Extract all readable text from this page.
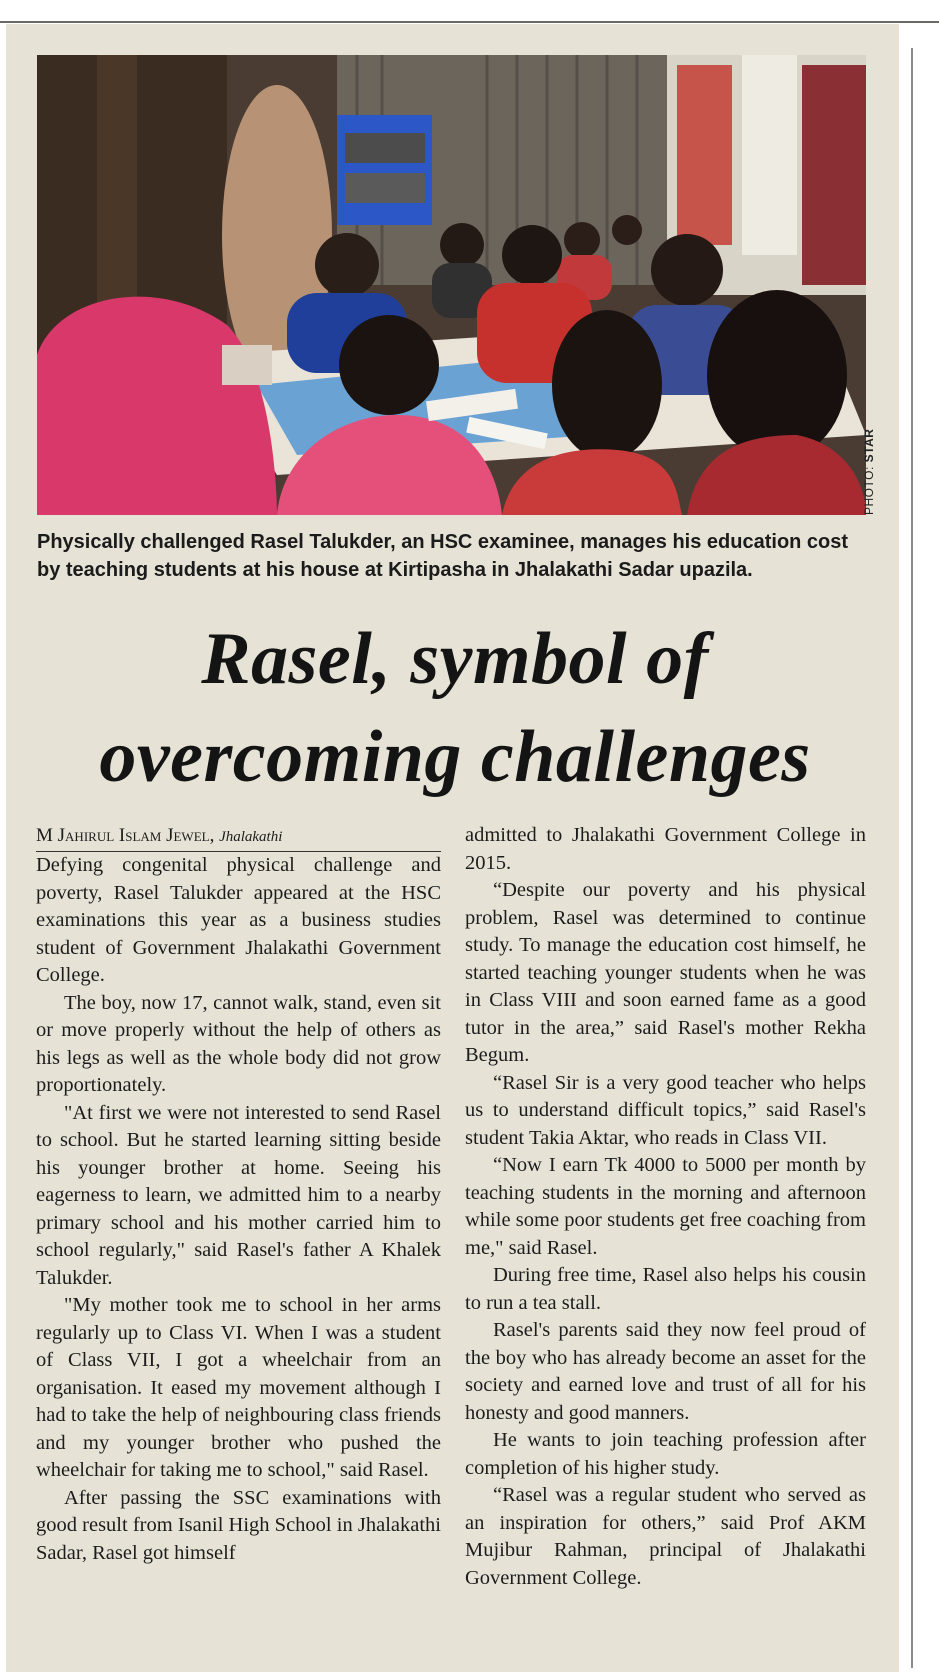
PHOTO: STAR

Physically challenged Rasel Talukder, an HSC examinee, manages his education cost by teaching students at his house at Kirtipasha in Jhalakathi Sadar upazila.

Rasel, symbol of
overcoming challenges
M Jahirul Islam Jewel, Jhalakathi

Defying congenital physical challenge and poverty, Rasel Talukder appeared at the HSC examinations this year as a business studies student of Government Jhalakathi Government College.

The boy, now 17, cannot walk, stand, even sit or move properly without the help of others as his legs as well as the whole body did not grow proportionately.

"At first we were not interested to send Rasel to school. But he started learning sitting beside his younger brother at home. Seeing his eagerness to learn, we admitted him to a nearby primary school and his mother carried him to school regularly," said Rasel's father A Khalek Talukder.

"My mother took me to school in her arms regularly up to Class VI. When I was a student of Class VII, I got a wheelchair from an organisation. It eased my movement although I had to take the help of neighbouring class friends and my younger brother who pushed the wheelchair for taking me to school," said Rasel.

After passing the SSC examinations with good result from Isanil High School in Jhalakathi Sadar, Rasel got himself

admitted to Jhalakathi Government College in 2015.

“Despite our poverty and his physical problem, Rasel was determined to continue study. To manage the education cost himself, he started teaching younger students when he was in Class VIII and soon earned fame as a good tutor in the area,” said Rasel's mother Rekha Begum.

“Rasel Sir is a very good teacher who helps us to understand difficult topics,” said Rasel's student Takia Aktar, who reads in Class VII.

“Now I earn Tk 4000 to 5000 per month by teaching students in the morning and afternoon while some poor students get free coaching from me," said Rasel.

During free time, Rasel also helps his cousin to run a tea stall.

Rasel's parents said they now feel proud of the boy who has already become an asset for the society and earned love and trust of all for his honesty and good manners.

He wants to join teaching profession after completion of his higher study.

“Rasel was a regular student who served as an inspiration for others,” said Prof AKM Mujibur Rahman, principal of Jhalakathi Government College.
